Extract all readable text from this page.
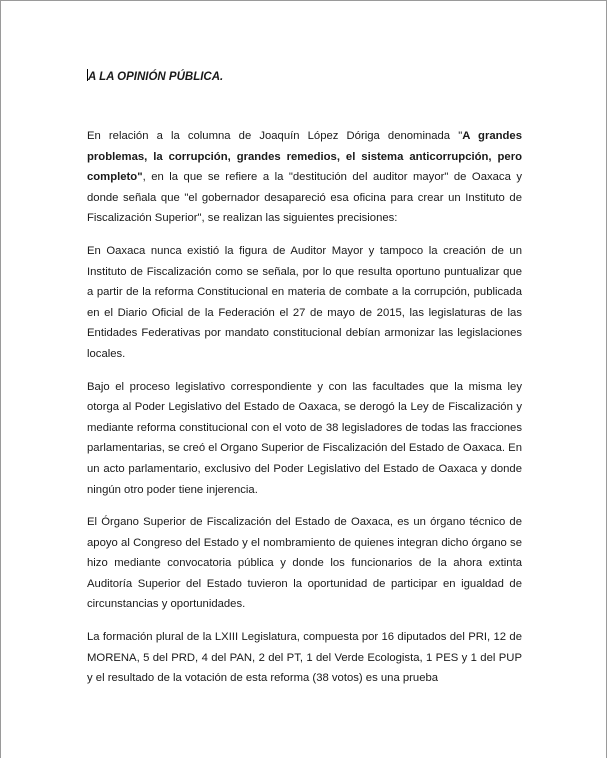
A LA OPINIÓN PÚBLICA.

En relación a la columna de Joaquín López Dóriga denominada "A grandes problemas, la corrupción, grandes remedios, el sistema anticorrupción, pero completo", en la que se refiere a la "destitución del auditor mayor" de Oaxaca y donde señala que "el gobernador desapareció esa oficina para crear un Instituto de Fiscalización Superior", se realizan las siguientes precisiones:

En Oaxaca nunca existió la figura de Auditor Mayor y tampoco la creación de un Instituto de Fiscalización como se señala, por lo que resulta oportuno puntualizar que a partir de la reforma Constitucional en materia de combate a la corrupción, publicada en el Diario Oficial de la Federación el 27 de mayo de 2015, las legislaturas de las Entidades Federativas por mandato constitucional debían armonizar las legislaciones locales.

Bajo el proceso legislativo correspondiente y con las facultades que la misma ley otorga al Poder Legislativo del Estado de Oaxaca, se derogó la Ley de Fiscalización y mediante reforma constitucional con el voto de 38 legisladores de todas las fracciones parlamentarias, se creó el Organo Superior de Fiscalización del Estado de Oaxaca. En un acto parlamentario, exclusivo del Poder Legislativo del Estado de Oaxaca y donde ningún otro poder tiene injerencia.

El Órgano Superior de Fiscalización del Estado de Oaxaca, es un órgano técnico de apoyo al Congreso del Estado y el nombramiento de quienes integran dicho órgano se hizo mediante convocatoria pública y donde los funcionarios de la ahora extinta Auditoría Superior del Estado tuvieron la oportunidad de participar en igualdad de circunstancias y oportunidades.

La formación plural de la LXIII Legislatura, compuesta por 16 diputados del PRI, 12 de MORENA, 5 del PRD, 4 del PAN, 2 del PT, 1 del Verde Ecologista, 1 PES y 1 del PUP y el resultado de la votación de esta reforma (38 votos) es una prueba
